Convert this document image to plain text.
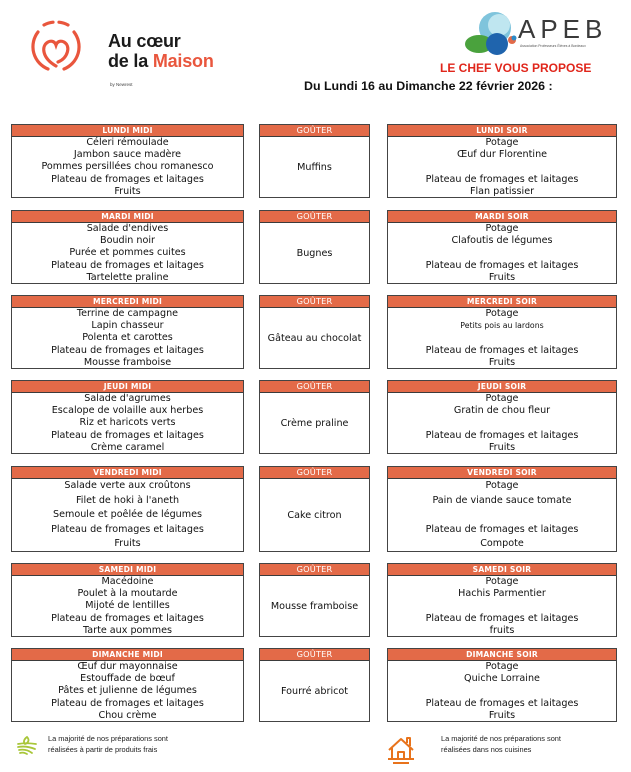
Au cœur
de la Maison
by Newrest
APEB
Association Professeurs Élèves à Bordeaux
LE CHEF VOUS PROPOSE
Du Lundi 16 au Dimanche 22 février 2026 :
LUNDI MIDI
Céleri rémoulade
Jambon sauce madère
Pommes persillées chou romanesco
Plateau de fromages et laitages
Fruits
GOÛTER
Muffins
LUNDI SOIR
Potage
Œuf dur Florentine
Plateau de fromages et laitages
Flan patissier
MARDI MIDI
Salade d'endives
Boudin noir
Purée et pommes cuites
Plateau de fromages et laitages
Tartelette praline
GOÛTER
Bugnes
MARDI SOIR
Potage
Clafoutis de légumes
Plateau de fromages et laitages
Fruits
MERCREDI MIDI
Terrine de campagne
Lapin chasseur
Polenta et carottes
Plateau de fromages et laitages
Mousse framboise
GOÛTER
Gâteau au chocolat
MERCREDI SOIR
Potage
Petits pois au lardons
Plateau de fromages et laitages
Fruits
JEUDI MIDI
Salade d'agrumes
Escalope de volaille aux herbes
Riz et haricots verts
Plateau de fromages et laitages
Crème caramel
GOÛTER
Crème praline
JEUDI SOIR
Potage
Gratin de chou fleur
Plateau de fromages et laitages
Fruits
VENDREDI MIDI
Salade verte aux croûtons
Filet de hoki à l'aneth
Semoule et poêlée de légumes
Plateau de fromages et laitages
Fruits
GOÛTER
Cake citron
VENDREDI SOIR
Potage
Pain de viande sauce tomate
Plateau de fromages et laitages
Compote
SAMEDI MIDI
Macédoine
Poulet à la moutarde
Mijoté de lentilles
Plateau de fromages et laitages
Tarte aux pommes
GOÛTER
Mousse framboise
SAMEDI SOIR
Potage
Hachis Parmentier
Plateau de fromages et laitages
fruits
DIMANCHE MIDI
Œuf dur mayonnaise
Estouffade de bœuf
Pâtes et julienne de légumes
Plateau de fromages et laitages
Chou crème
GOÛTER
Fourré abricot
DIMANCHE SOIR
Potage
Quiche Lorraine
Plateau de fromages et laitages
Fruits
La majorité de nos préparations sont
réalisées à partir de produits frais
La majorité de nos préparations sont
réalisées dans nos cuisines
